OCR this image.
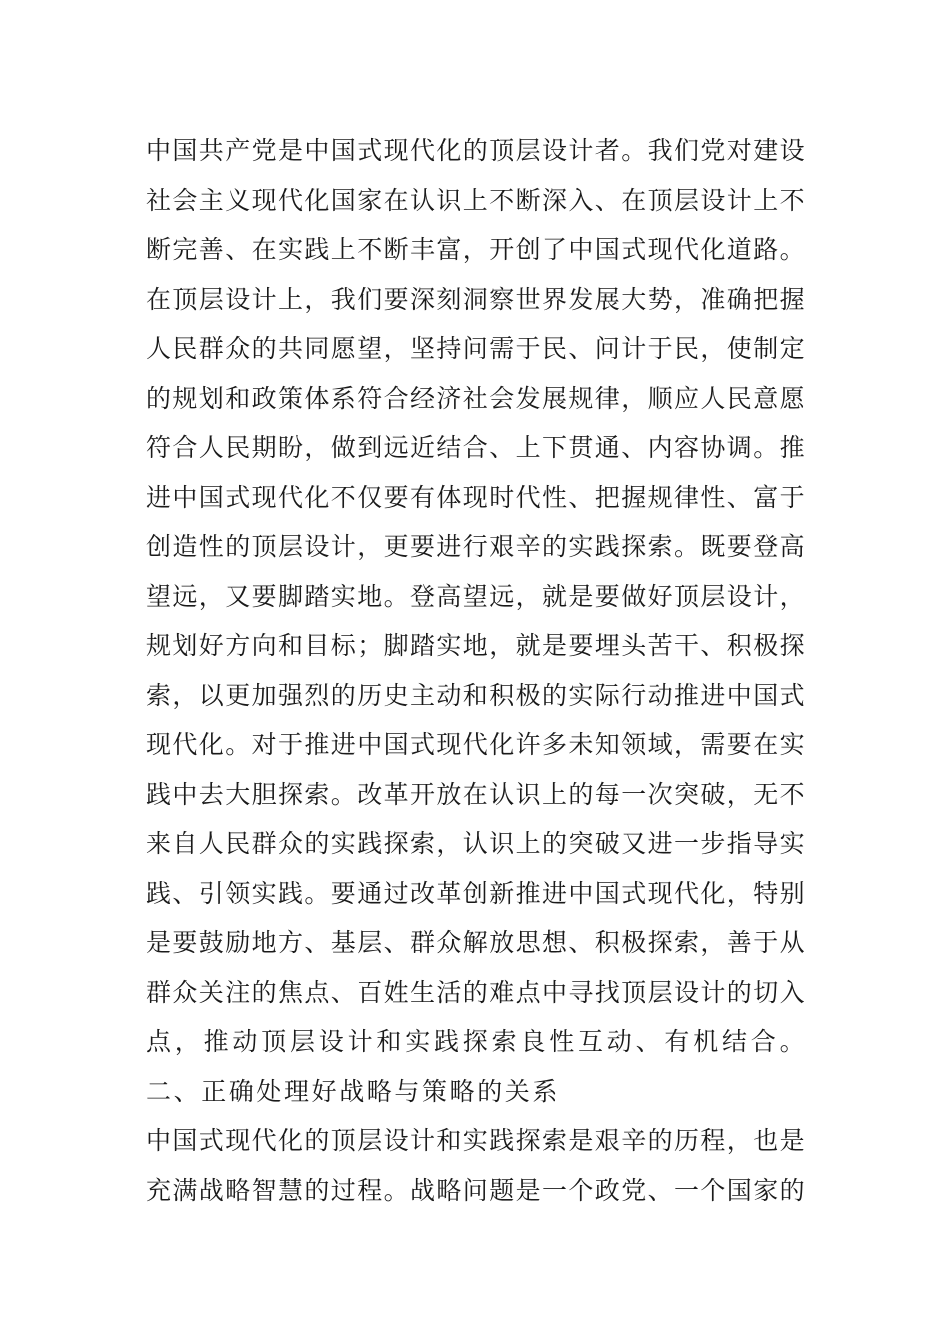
中国共产党是中国式现代化的顶层设计者。我们党对建设
社会主义现代化国家在认识上不断深入、在顶层设计上不
断完善、在实践上不断丰富，开创了中国式现代化道路。
在顶层设计上，我们要深刻洞察世界发展大势，准确把握
人民群众的共同愿望，坚持问需于民、问计于民，使制定
的规划和政策体系符合经济社会发展规律，顺应人民意愿
符合人民期盼，做到远近结合、上下贯通、内容协调。推
进中国式现代化不仅要有体现时代性、把握规律性、富于
创造性的顶层设计，更要进行艰辛的实践探索。既要登高
望远，又要脚踏实地。登高望远，就是要做好顶层设计，
规划好方向和目标；脚踏实地，就是要埋头苦干、积极探
索，以更加强烈的历史主动和积极的实际行动推进中国式
现代化。对于推进中国式现代化许多未知领域，需要在实
践中去大胆探索。改革开放在认识上的每一次突破，无不
来自人民群众的实践探索，认识上的突破又进一步指导实
践、引领实践。要通过改革创新推进中国式现代化，特别
是要鼓励地方、基层、群众解放思想、积极探索，善于从
群众关注的焦点、百姓生活的难点中寻找顶层设计的切入
点，推动顶层设计和实践探索良性互动、有机结合。
二、正确处理好战略与策略的关系
中国式现代化的顶层设计和实践探索是艰辛的历程，也是
充满战略智慧的过程。战略问题是一个政党、一个国家的
